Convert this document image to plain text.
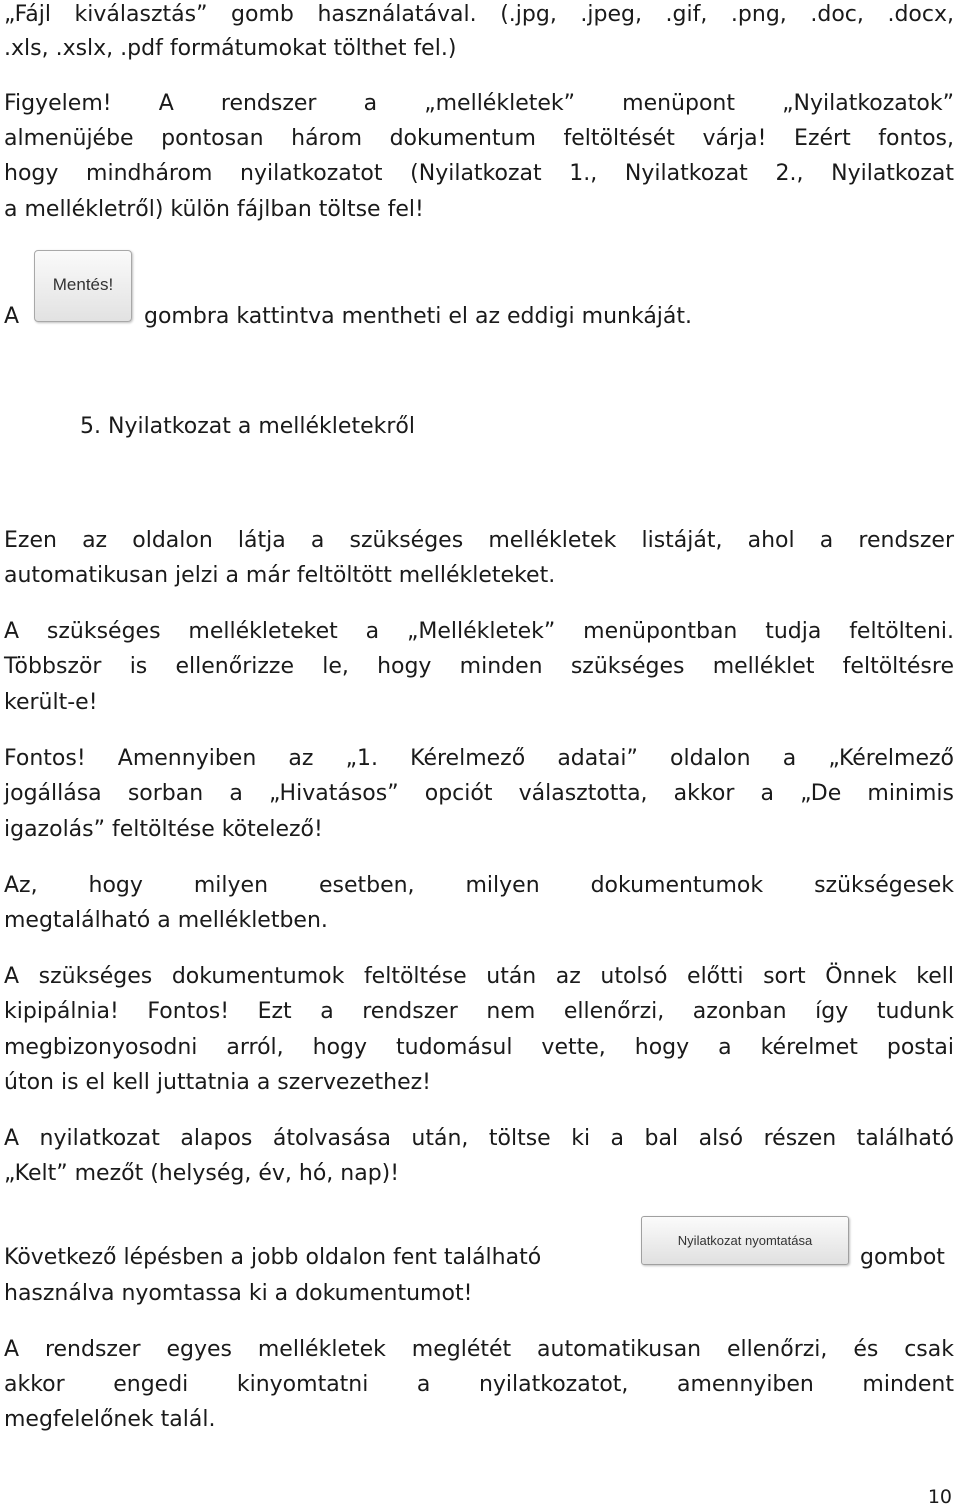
„Fájl kiválasztás” gomb használatával. (.jpg, .jpeg, .gif, .png, .doc, .docx,
.xls, .xslx, .pdf formátumokat tölthet fel.)
Figyelem! A rendszer a „mellékletek” menüpont „Nyilatkozatok”
almenüjébe pontosan három dokumentum feltöltését várja! Ezért fontos,
hogy mindhárom nyilatkozatot (Nyilatkozat 1., Nyilatkozat 2., Nyilatkozat
a mellékletről) külön fájlban töltse fel!
A
Mentés!
gombra kattintva mentheti el az eddigi munkáját.
5. Nyilatkozat a mellékletekről
Ezen az oldalon látja a szükséges mellékletek listáját, ahol a rendszer
automatikusan jelzi a már feltöltött mellékleteket.
A szükséges mellékleteket a „Mellékletek” menüpontban tudja feltölteni.
Többször is ellenőrizze le, hogy minden szükséges melléklet feltöltésre
került-e!
Fontos! Amennyiben az „1. Kérelmező adatai” oldalon a „Kérelmező
jogállása sorban a „Hivatásos” opciót választotta, akkor a „De minimis
igazolás” feltöltése kötelező!
Az, hogy milyen esetben, milyen dokumentumok szükségesek
megtalálható a mellékletben.
A szükséges dokumentumok feltöltése után az utolsó előtti sort Önnek kell
kipipálnia! Fontos! Ezt a rendszer nem ellenőrzi, azonban így tudunk
megbizonyosodni arról, hogy tudomásul vette, hogy a kérelmet postai
úton is el kell juttatnia a szervezethez!
A nyilatkozat alapos átolvasása után, töltse ki a bal alsó részen található
„Kelt” mezőt (helység, év, hó, nap)!
Következő lépésben a jobb oldalon fent található
Nyilatkozat nyomtatása
gombot
használva nyomtassa ki a dokumentumot!
A rendszer egyes mellékletek meglétét automatikusan ellenőrzi, és csak
akkor engedi kinyomtatni a nyilatkozatot, amennyiben mindent
megfelelőnek talál.
10
